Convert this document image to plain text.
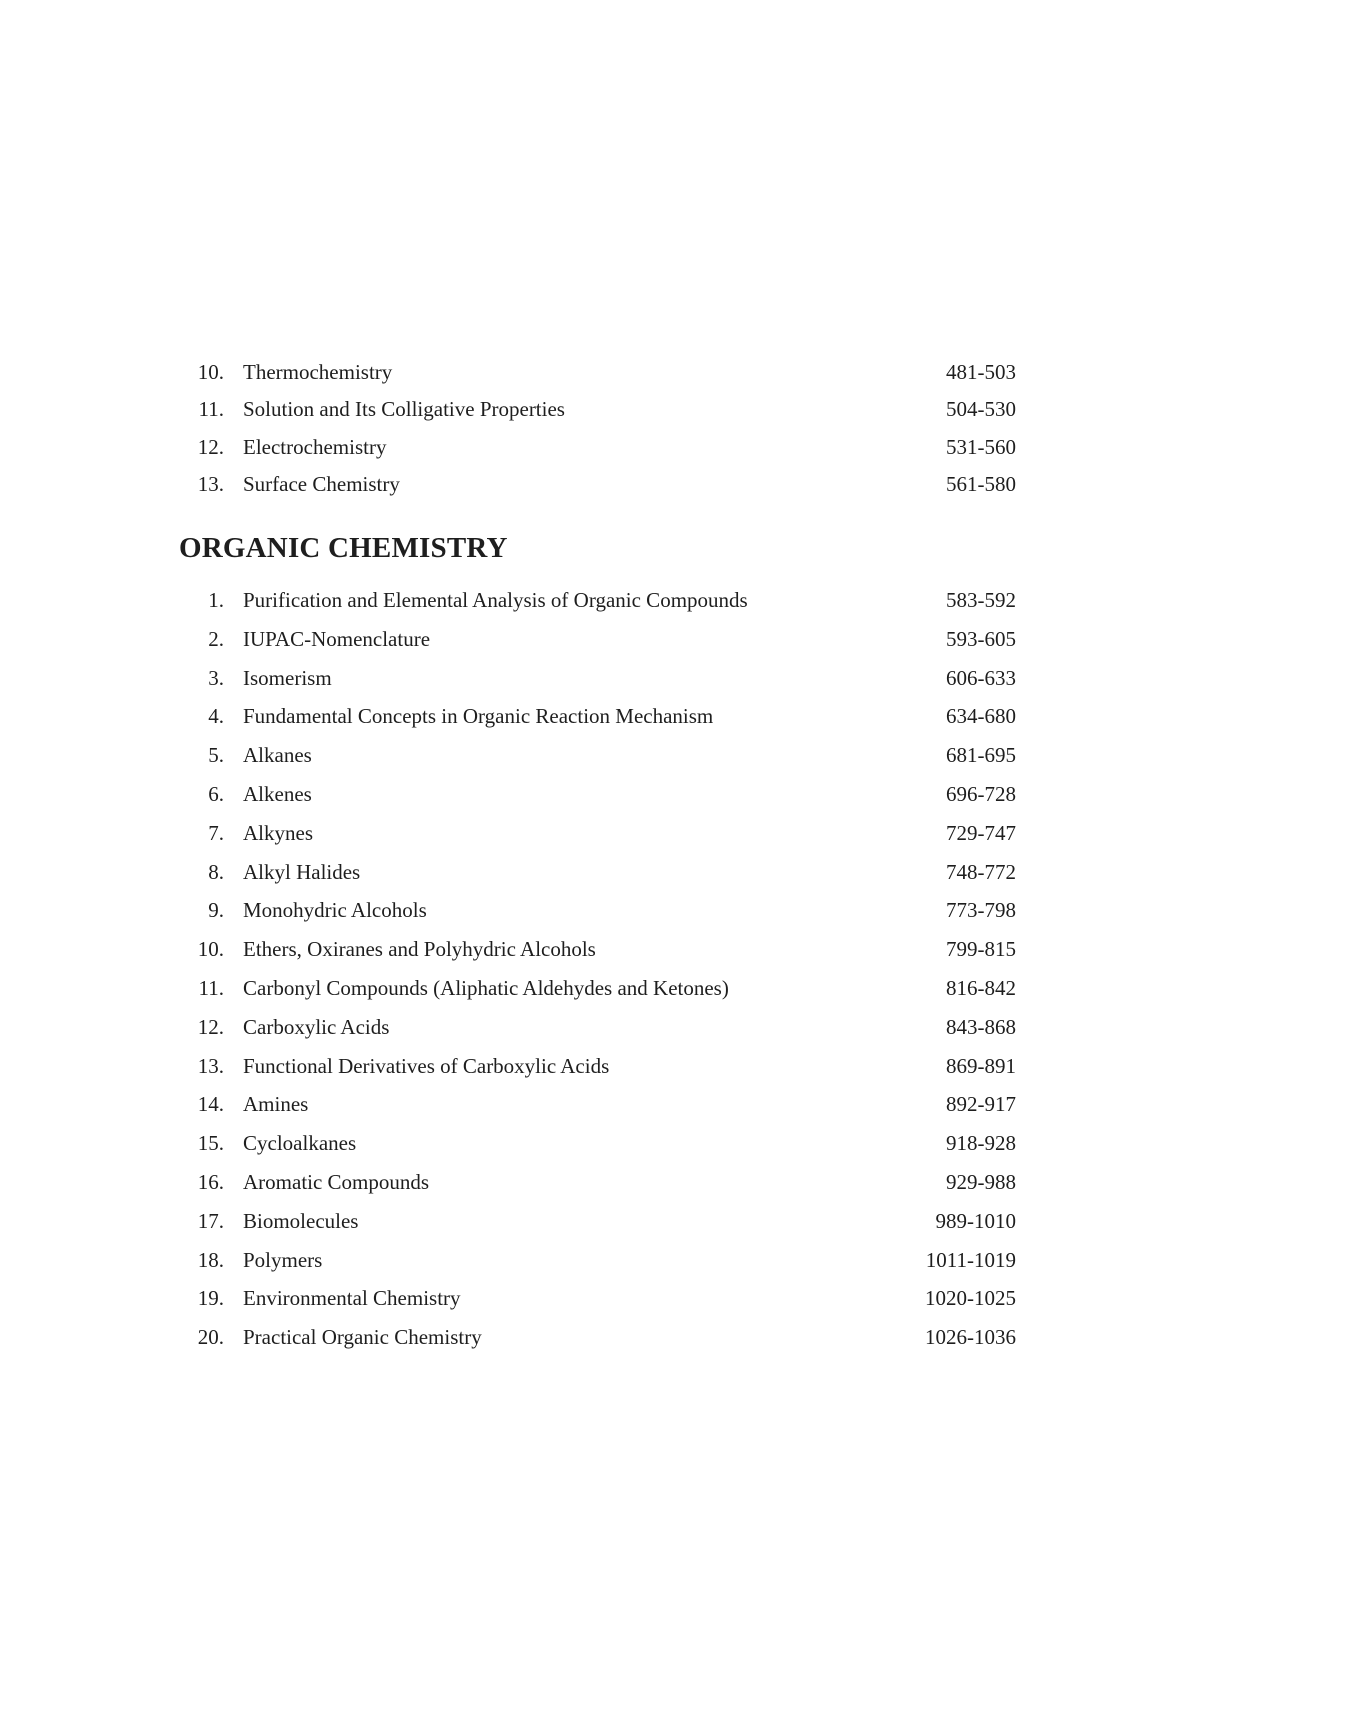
10. Thermochemistry	481-503
11. Solution and Its Colligative Properties	504-530
12. Electrochemistry	531-560
13. Surface Chemistry	561-580
ORGANIC CHEMISTRY
1. Purification and Elemental Analysis of Organic Compounds	583-592
2. IUPAC-Nomenclature	593-605
3. Isomerism	606-633
4. Fundamental Concepts in Organic Reaction Mechanism	634-680
5. Alkanes	681-695
6. Alkenes	696-728
7. Alkynes	729-747
8. Alkyl Halides	748-772
9. Monohydric Alcohols	773-798
10. Ethers, Oxiranes and Polyhydric Alcohols	799-815
11. Carbonyl Compounds (Aliphatic Aldehydes and Ketones)	816-842
12. Carboxylic Acids	843-868
13. Functional Derivatives of Carboxylic Acids	869-891
14. Amines	892-917
15. Cycloalkanes	918-928
16. Aromatic Compounds	929-988
17. Biomolecules	989-1010
18. Polymers	1011-1019
19. Environmental Chemistry	1020-1025
20. Practical Organic Chemistry	1026-1036
